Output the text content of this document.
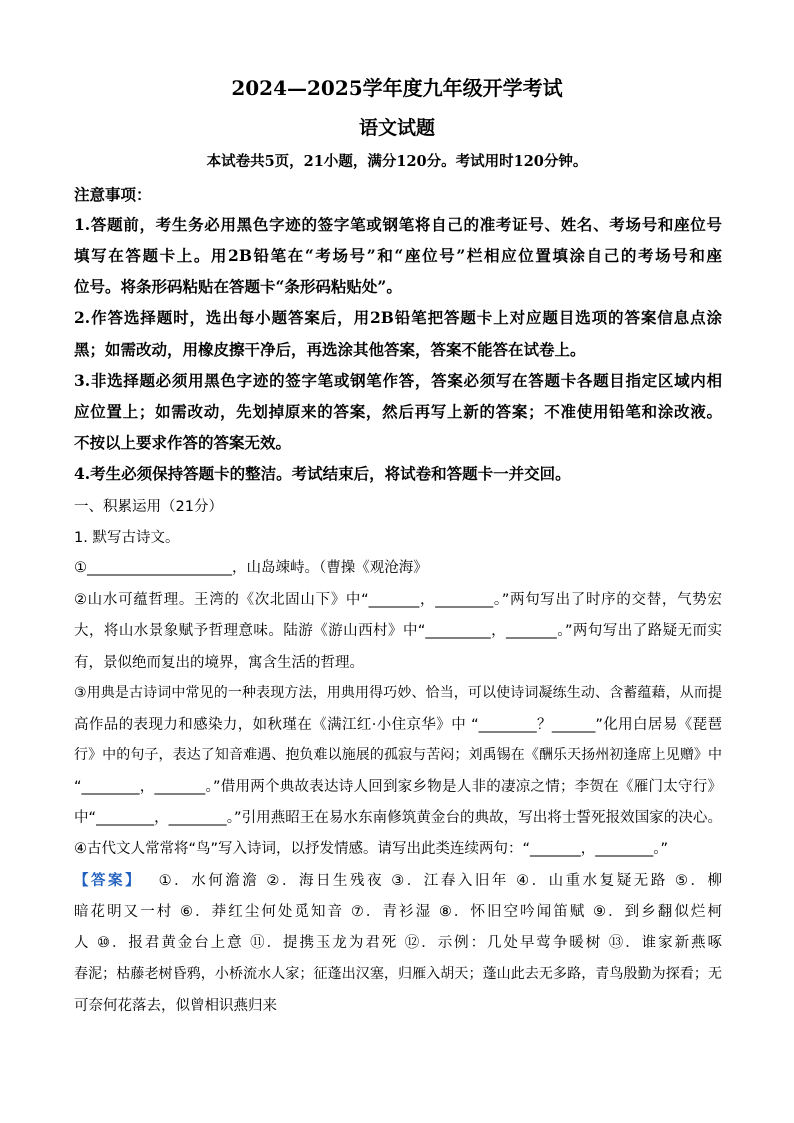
2024—2025学年度九年级开学考试
语文试题
本试卷共5页，21小题，满分120分。考试用时120分钟。
注意事项：
1.答题前，考生务必用黑色字迹的签字笔或钢笔将自己的准考证号、姓名、考场号和座位号
填写在答题卡上。用2B铅笔在“考场号”和“座位号”栏相应位置填涂自己的考场号和座
位号。将条形码粘贴在答题卡“条形码粘贴处”。
2.作答选择题时，选出每小题答案后，用2B铅笔把答题卡上对应题目选项的答案信息点涂
黑；如需改动，用橡皮擦干净后，再选涂其他答案，答案不能答在试卷上。
3.非选择题必须用黑色字迹的签字笔或钢笔作答，答案必须写在答题卡各题目指定区域内相
应位置上；如需改动，先划掉原来的答案，然后再写上新的答案；不准使用铅笔和涂改液。
不按以上要求作答的答案无效。
4.考生必须保持答题卡的整洁。考试结束后，将试卷和答题卡一并交回。
一、积累运用（21分）
1. 默写古诗文。
①____________________，山岛竦峙。（曹操《观沧海》
②山水可蕴哲理。王湾的《次北固山下》中“_______，________。”两句写出了时序的交替，气势宏
大，将山水景象赋予哲理意味。陆游《游山西村》中“_________，_______。”两句写出了路疑无而实
有，景似绝而复出的境界，寓含生活的哲理。
③用典是古诗词中常见的一种表现方法，用典用得巧妙、恰当，可以使诗词凝练生动、含蓄蕴藉，从而提
高作品的表现力和感染力，如秋瑾在《满江红·小住京华》中 “________？______”化用白居易《琵琶
行》中的句子，表达了知音难遇、抱负难以施展的孤寂与苦闷；刘禹锡在《酬乐天扬州初逢席上见赠》中
“________，_______。”借用两个典故表达诗人回到家乡物是人非的凄凉之情；李贺在《雁门太守行》
中“________，________。”引用燕昭王在易水东南修筑黄金台的典故，写出将士誓死报效国家的决心。
④古代文人常常将“鸟”写入诗词，以抒发情感。请写出此类连续两句：“_______，________。”
【答案】 ①．水何澹澹 ②．海日生残夜 ③．江春入旧年 ④．山重水复疑无路 ⑤．柳
暗花明又一村 ⑥．莽红尘何处觅知音 ⑦．青衫湿 ⑧．怀旧空吟闻笛赋 ⑨．到乡翻似烂柯
人 ⑩．报君黄金台上意 ⑪．提携玉龙为君死 ⑫．示例：几处早莺争暖树 ⑬．谁家新燕啄
春泥；枯藤老树昏鸦，小桥流水人家；征蓬出汉塞，归雁入胡天；蓬山此去无多路，青鸟殷勤为探看；无
可奈何花落去，似曾相识燕归来
